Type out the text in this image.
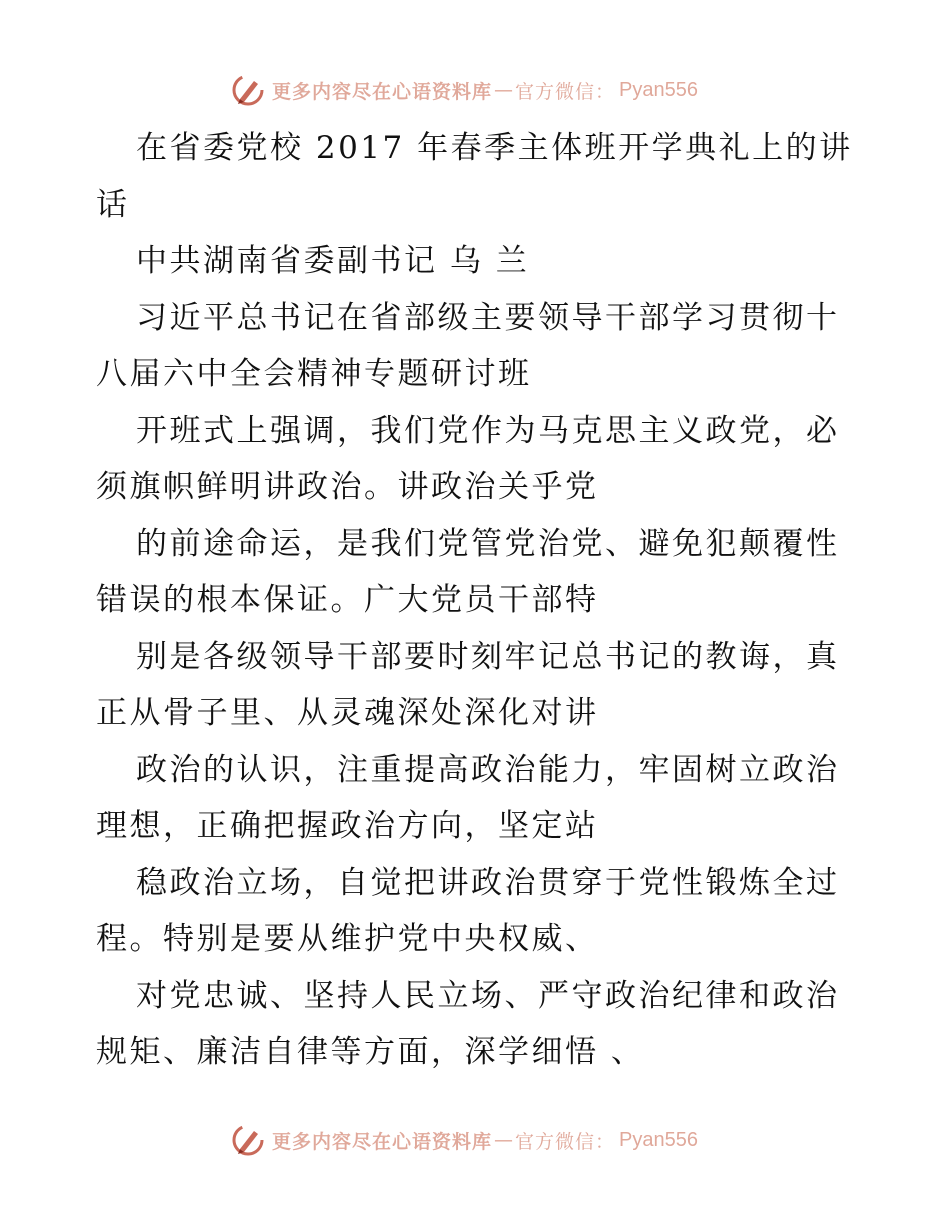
更多内容尽在心语资料库 — 官方微信： Pyan556

在省委党校 2017 年春季主体班开学典礼上的讲话

中共湖南省委副书记 乌 兰

习近平总书记在省部级主要领导干部学习贯彻十八届六中全会精神专题研讨班

开班式上强调，我们党作为马克思主义政党，必须旗帜鲜明讲政治。讲政治关乎党

的前途命运，是我们党管党治党、避免犯颠覆性错误的根本保证。广大党员干部特

别是各级领导干部要时刻牢记总书记的教诲，真正从骨子里、从灵魂深处深化对讲

政治的认识，注重提高政治能力，牢固树立政治理想，正确把握政治方向，坚定站

稳政治立场，自觉把讲政治贯穿于党性锻炼全过程。特别是要从维护党中央权威、

对党忠诚、坚持人民立场、严守政治纪律和政治规矩、廉洁自律等方面，深学细悟 、

更多内容尽在心语资料库 — 官方微信： Pyan556
